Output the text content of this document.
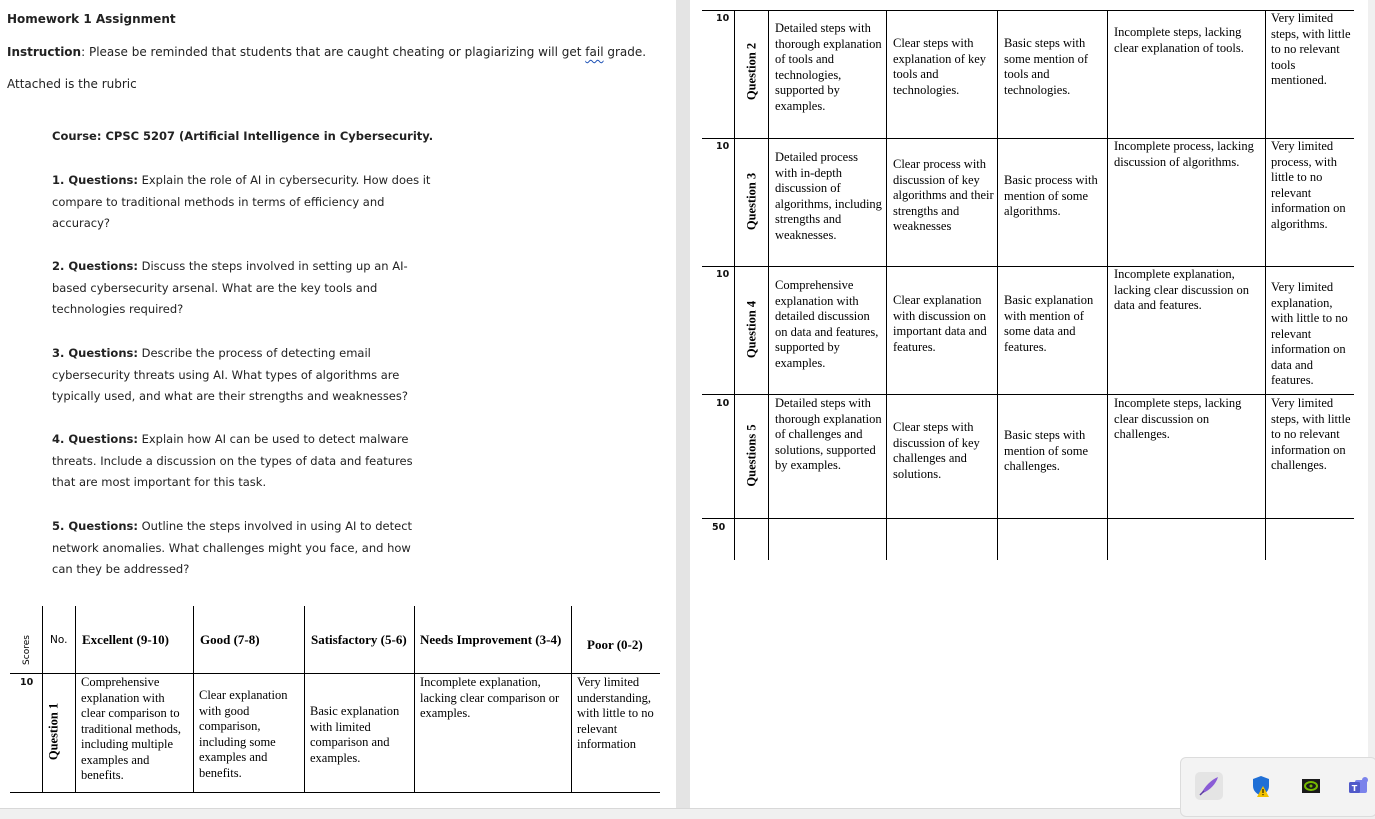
Homework 1 Assignment

Instruction: Please be reminded that students that are caught cheating or plagiarizing will get fail grade.

Attached is the rubric

Course: CPSC 5207 (Artificial Intelligence in Cybersecurity.

1. Questions: Explain the role of AI in cybersecurity. How does it compare to traditional methods in terms of efficiency and accuracy?

2. Questions: Discuss the steps involved in setting up an AI-based cybersecurity arsenal. What are the key tools and technologies required?

3. Questions: Describe the process of detecting email cybersecurity threats using AI. What types of algorithms are typically used, and what are their strengths and weaknesses?

4. Questions: Explain how AI can be used to detect malware threats. Include a discussion on the types of data and features that are most important for this task.

5. Questions: Outline the steps involved in using AI to detect network anomalies. What challenges might you face, and how can they be addressed?

Scores No. Excellent (9-10) Good (7-8)	Satisfactory (5-6) Needs Improvement (3-4) Poor (0-2)
10
Question 1
Comprehensive explanation with clear comparison to traditional methods, including multiple examples and benefits.
Clear explanation with good comparison, including some examples and benefits.
Basic explanation with limited comparison and examples.
Incomplete explanation, lacking clear comparison or examples.
Very limited understanding, with little to no relevant information
10
Question 2
Detailed steps with thorough explanation of tools and technologies, supported by examples.
Clear steps with explanation of key tools and technologies.
Basic steps with some mention of tools and technologies.
Incomplete steps, lacking clear explanation of tools.
Very limited steps, with little to no relevant tools mentioned.
10
Question 3
Detailed process with in-depth discussion of algorithms, including strengths and weaknesses.
Clear process with discussion of key algorithms and their strengths and weaknesses
Basic process with mention of some algorithms.
Incomplete process, lacking discussion of algorithms.
Very limited process, with little to no relevant information on algorithms.
10
Question 4
Comprehensive explanation with detailed discussion on data and features, supported by examples.
Clear explanation with discussion on important data and features.
Basic explanation with mention of some data and features.
Incomplete explanation, lacking clear discussion on data and features.
Very limited explanation, with little to no relevant information on data and features.
10
Questions 5
Detailed steps with thorough explanation of challenges and solutions, supported by examples.
Clear steps with discussion of key challenges and solutions.
Basic steps with mention of some challenges.
Incomplete steps, lacking clear discussion on challenges.
Very limited steps, with little to no relevant information on challenges.
50
T
